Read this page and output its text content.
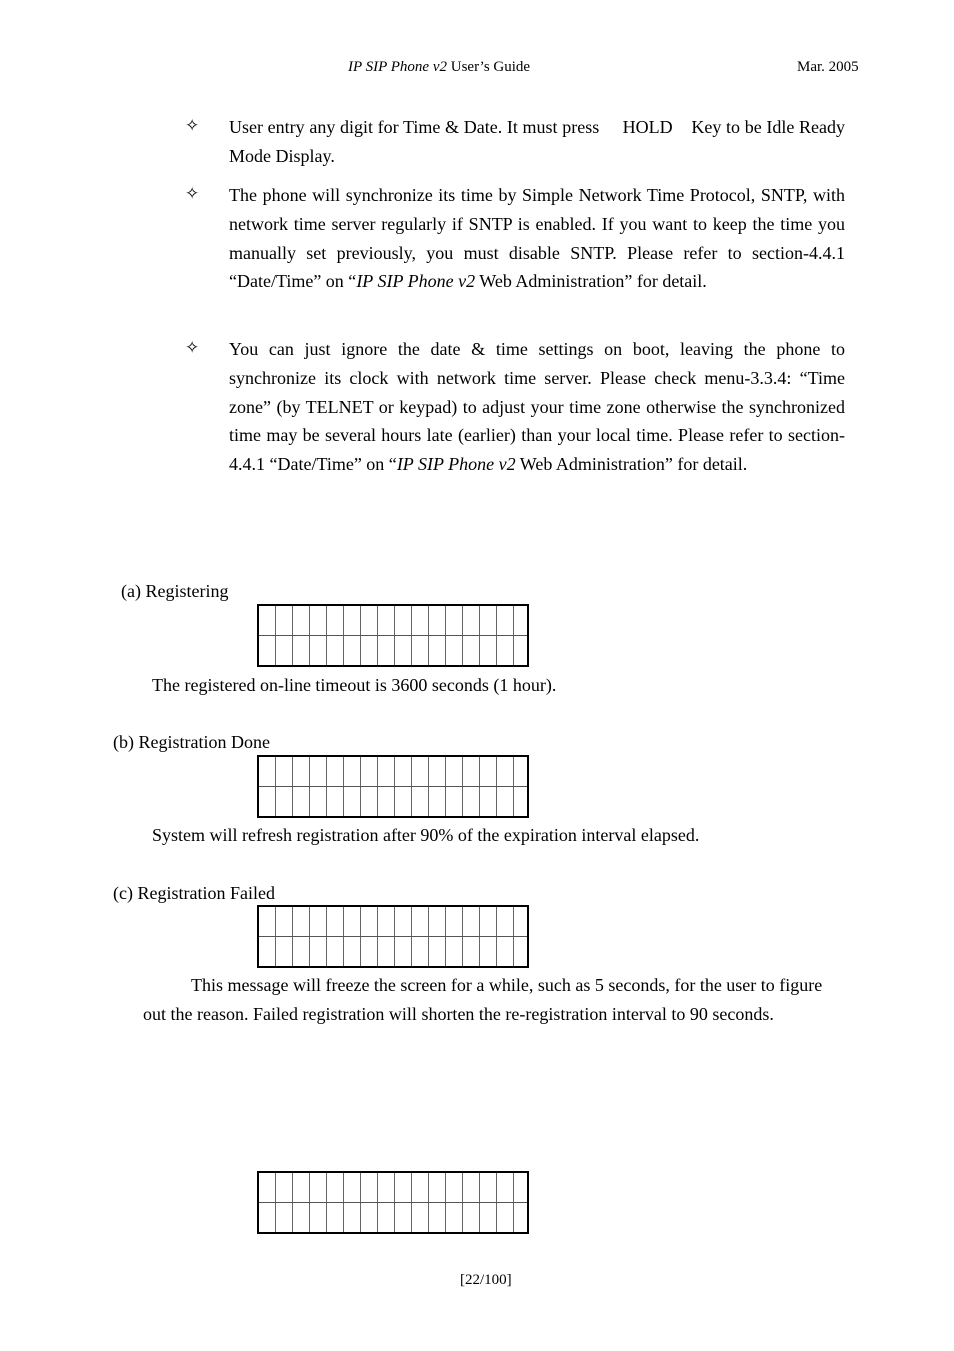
IP SIP Phone v2 User’s Guide	Mar. 2005
✧ User entry any digit for Time & Date. It must press HOLD Key to be Idle Ready Mode Display.
✧ The phone will synchronize its time by Simple Network Time Protocol, SNTP, with network time server regularly if SNTP is enabled. If you want to keep the time you manually set previously, you must disable SNTP. Please refer to section-4.4.1 “Date/Time” on “IP SIP Phone v2 Web Administration” for detail.
✧ You can just ignore the date & time settings on boot, leaving the phone to synchronize its clock with network time server. Please check menu-3.3.4: “Time zone” (by TELNET or keypad) to adjust your time zone otherwise the synchronized time may be several hours late (earlier) than your local time. Please refer to section-4.4.1 “Date/Time” on “IP SIP Phone v2 Web Administration” for detail.
(a) Registering
The registered on-line timeout is 3600 seconds (1 hour).
(b) Registration Done
System will refresh registration after 90% of the expiration interval elapsed.
(c) Registration Failed
This message will freeze the screen for a while, such as 5 seconds, for the user to figure
out the reason. Failed registration will shorten the re-registration interval to 90 seconds.
[22/100]
